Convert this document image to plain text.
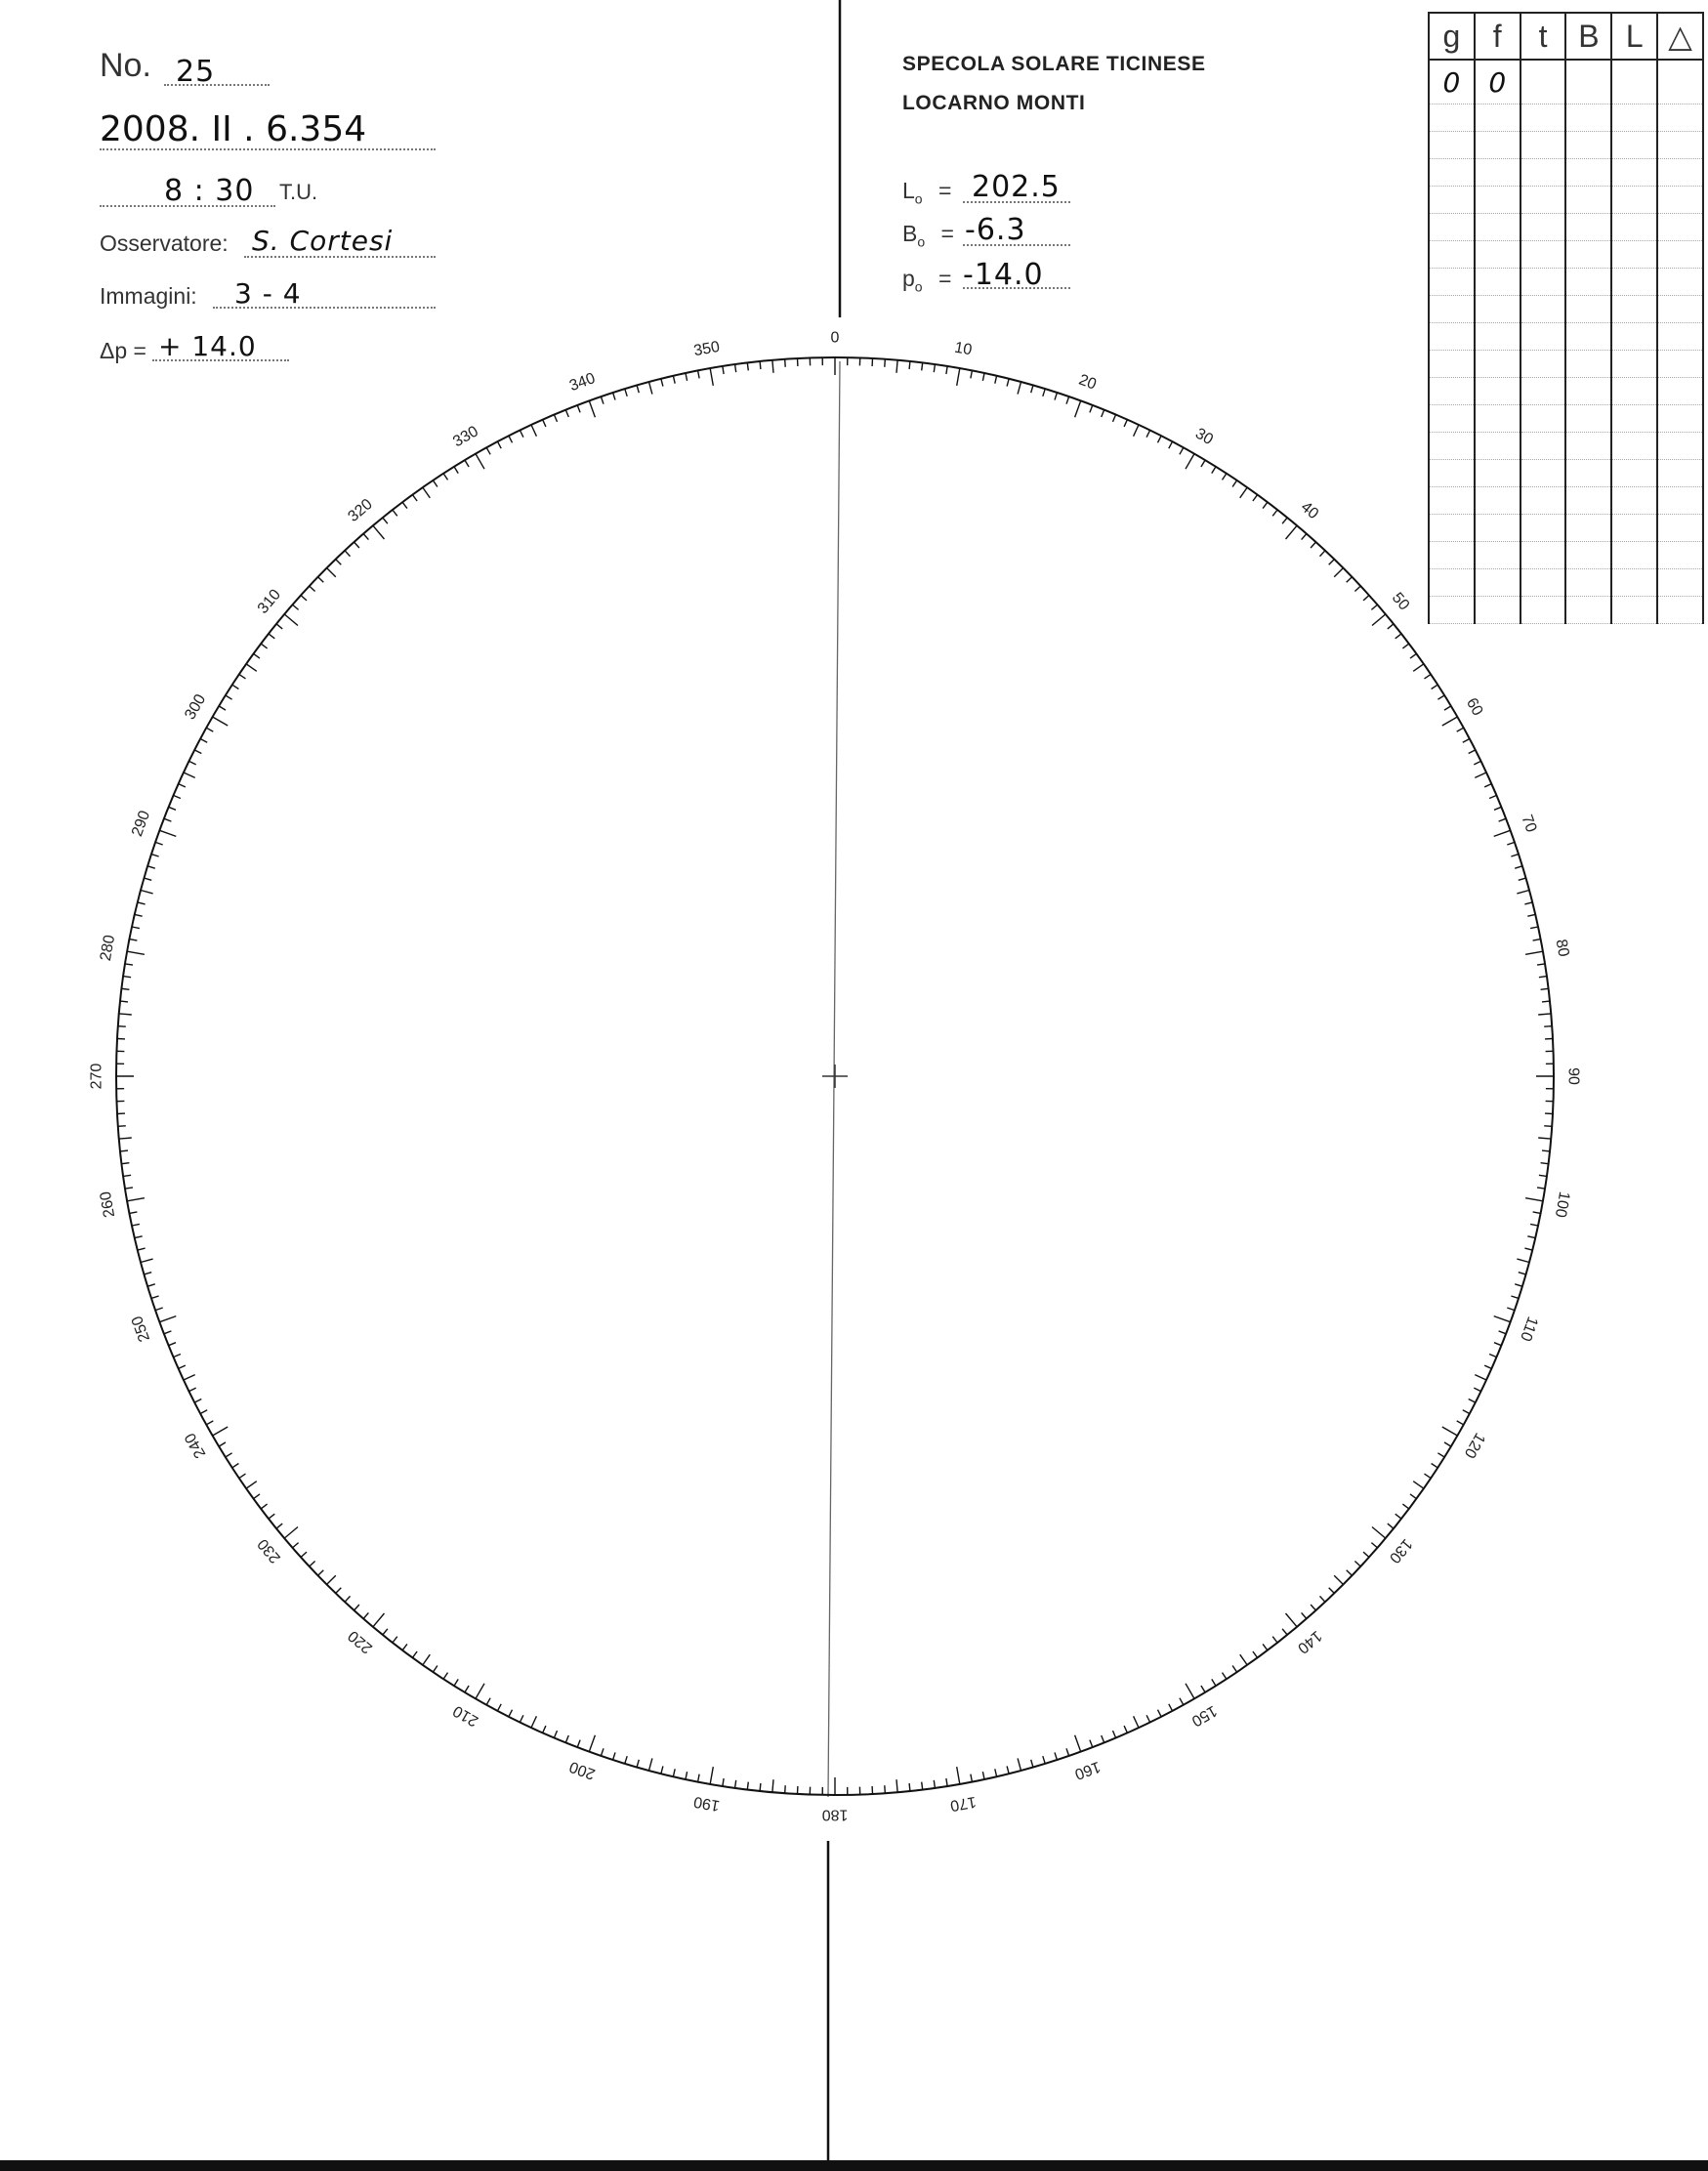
No. 25
2008. II . 6.354
8 : 30 T.U.
Osservatore: S. Cortesi
Immagini: 3 - 4
Δp = + 14.0
SPECOLA SOLARE TICINESE
LOCARNO MONTI
$L_o = 202.5$
$B_o = -6.3$
$p_o = -14.0$
g	f	t	B	L	△
0	0				

0
10
20
30
40
50
60
70
80
90
100
110
120
130
140
150
160
170
180
190
200
210
220
230
240
250
260
270
280
290
300
310
320
330
340
350
